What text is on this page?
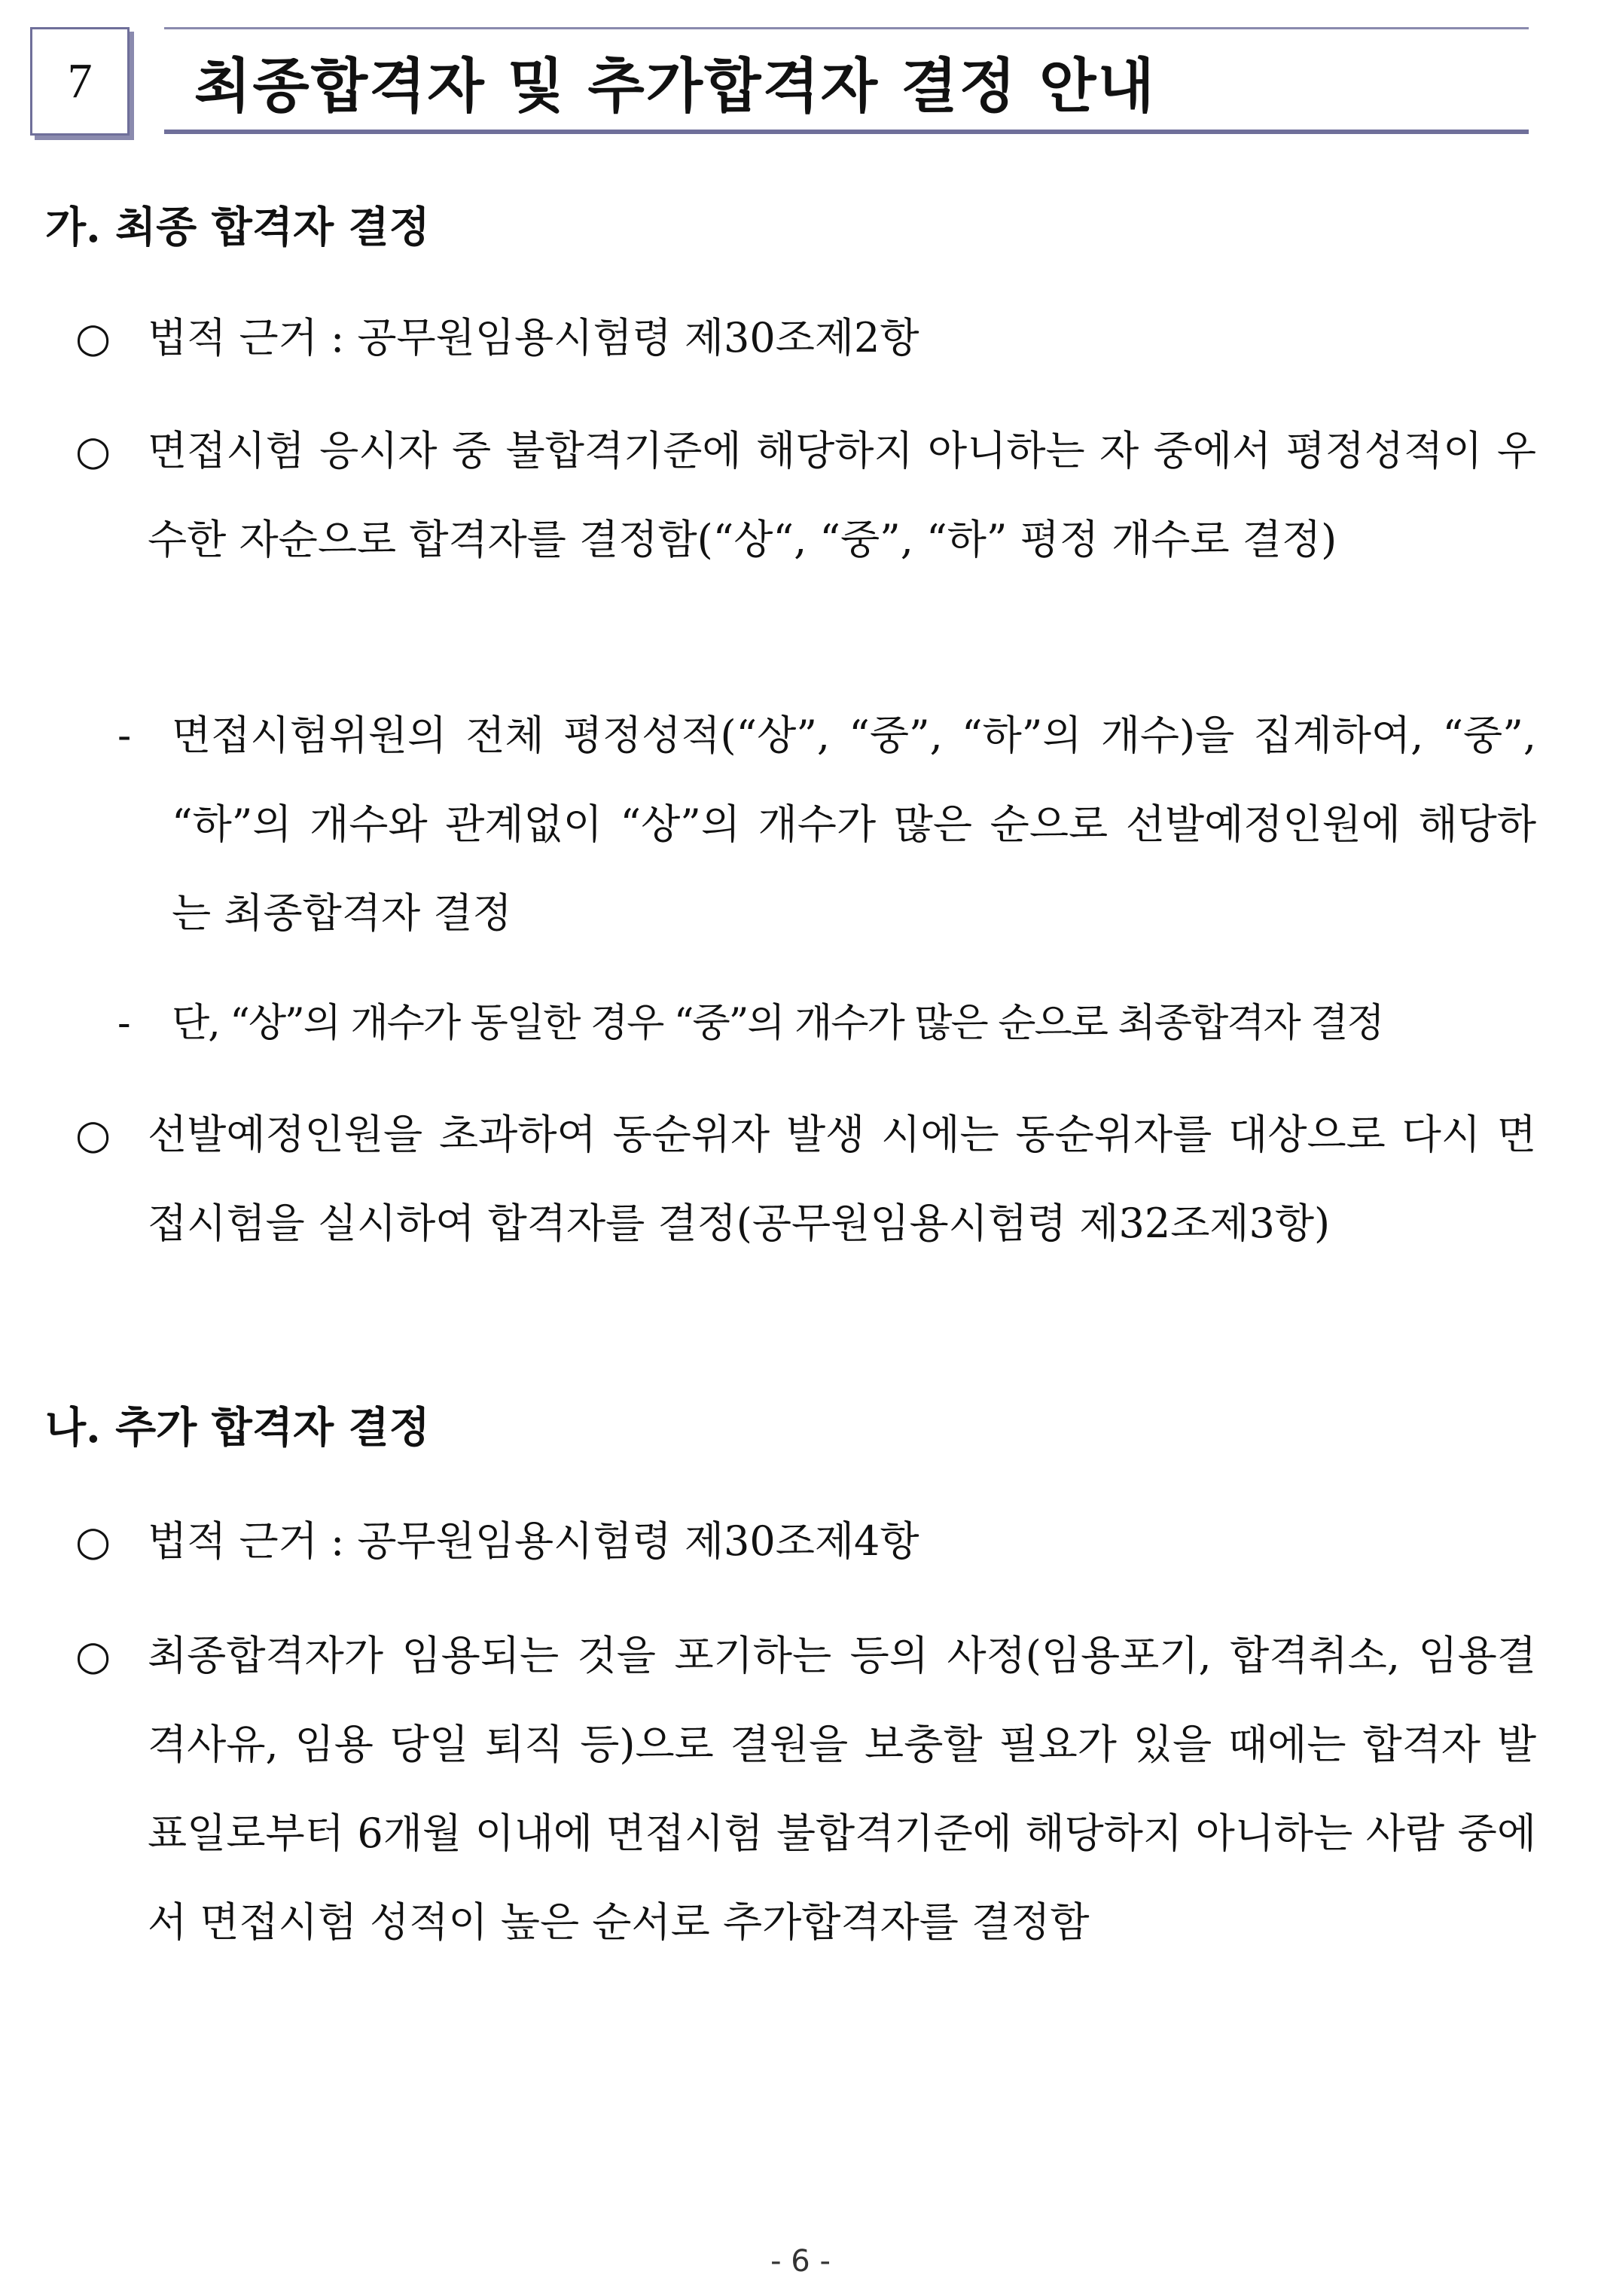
7	최종합격자 및 추가합격자 결정 안내
가. 최종 합격자 결정
○ 법적 근거 : 공무원임용시험령 제30조제2항
○ 면접시험 응시자 중 불합격기준에 해당하지 아니하는 자 중에서 평정성적이 우수한 자순으로 합격자를 결정함(“상“, “중”, “하” 평정 개수로 결정)
- 면접시험위원의 전체 평정성적(“상”, “중”, “하”의 개수)을 집계하여, “중”, “하”의 개수와 관계없이 “상”의 개수가 많은 순으로 선발예정인원에 해당하는 최종합격자 결정
-	단, “상”의 개수가 동일한 경우 “중”의 개수가 많은 순으로 최종합격자 결정
○ 선발예정인원을 초과하여 동순위자 발생 시에는 동순위자를 대상으로 다시 면접시험을 실시하여 합격자를 결정(공무원임용시험령 제32조제3항)
나. 추가 합격자 결정
○ 법적 근거 : 공무원임용시험령 제30조제4항
○ 최종합격자가 임용되는 것을 포기하는 등의 사정(임용포기, 합격취소, 임용결격사유, 임용 당일 퇴직 등)으로 결원을 보충할 필요가 있을 때에는 합격자 발표일로부터 6개월 이내에 면접시험 불합격기준에 해당하지 아니하는 사람 중에서 면접시험 성적이 높은 순서로 추가합격자를 결정함
- 6 -
